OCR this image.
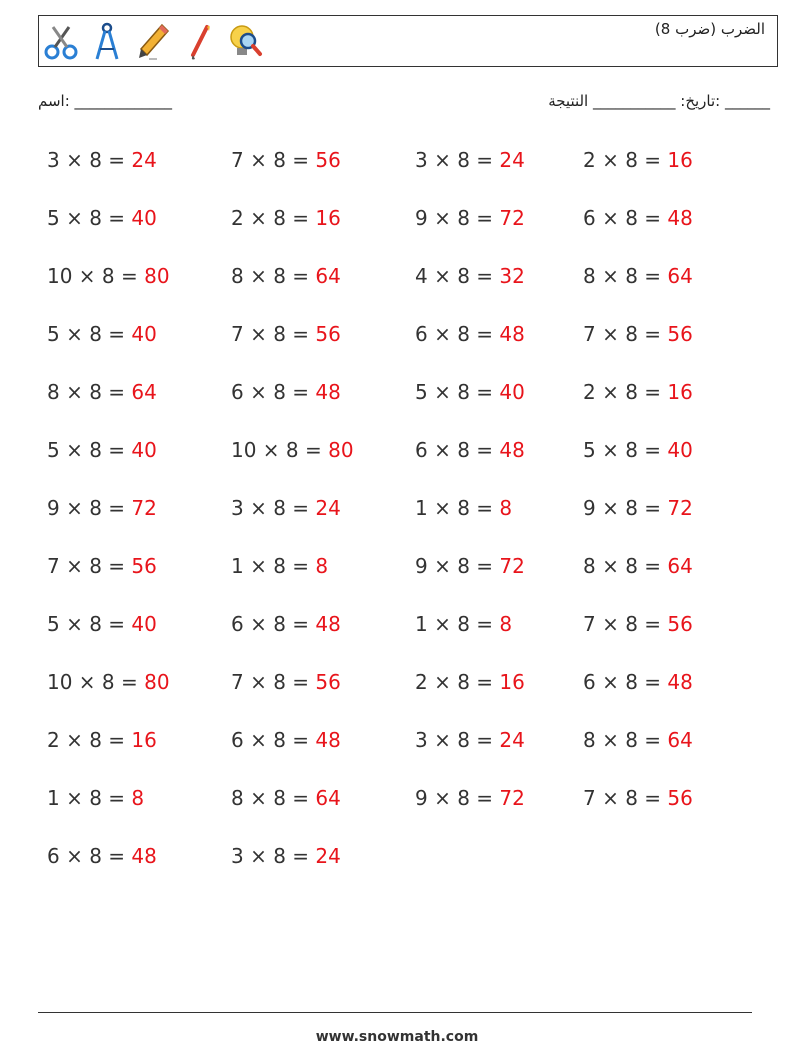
الضرب (ضرب 8)
اسم: _____________	______ :تاريخ: ___________ النتيجة
3 × 8 = 24	7 × 8 = 56	3 × 8 = 24	2 × 8 = 16
5 × 8 = 40	2 × 8 = 16	9 × 8 = 72	6 × 8 = 48
10 × 8 = 80	8 × 8 = 64	4 × 8 = 32	8 × 8 = 64
5 × 8 = 40	7 × 8 = 56	6 × 8 = 48	7 × 8 = 56
8 × 8 = 64	6 × 8 = 48	5 × 8 = 40	2 × 8 = 16
5 × 8 = 40	10 × 8 = 80	6 × 8 = 48	5 × 8 = 40
9 × 8 = 72	3 × 8 = 24	1 × 8 = 8	9 × 8 = 72
7 × 8 = 56	1 × 8 = 8	9 × 8 = 72	8 × 8 = 64
5 × 8 = 40	6 × 8 = 48	1 × 8 = 8	7 × 8 = 56
10 × 8 = 80	7 × 8 = 56	2 × 8 = 16	6 × 8 = 48
2 × 8 = 16	6 × 8 = 48	3 × 8 = 24	8 × 8 = 64
1 × 8 = 8	8 × 8 = 64	9 × 8 = 72	7 × 8 = 56
6 × 8 = 48	3 × 8 = 24
www.snowmath.com
